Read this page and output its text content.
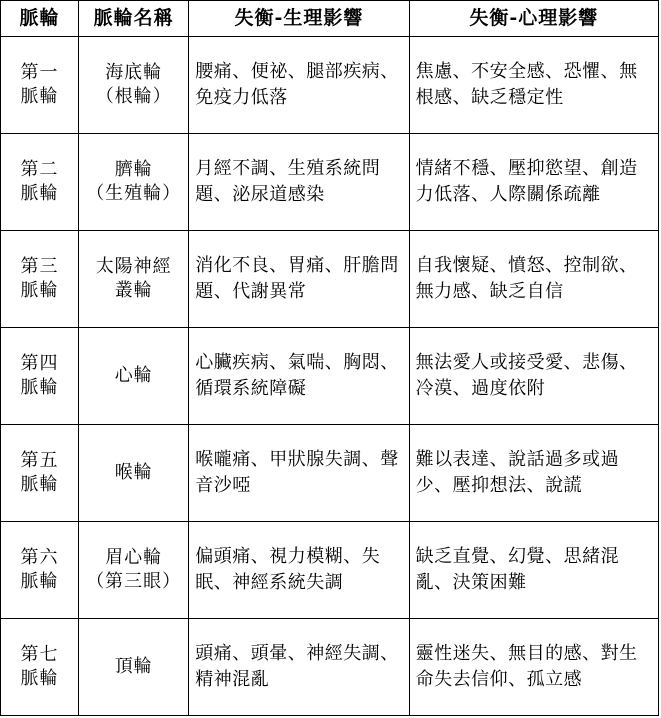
脈輪	脈輪名稱	失衡-生理影響	失衡-心理影響

第一
脈輪	海底輪
（根輪）	腰痛、便祕、腿部疾病、免疫力低落	焦慮、不安全感、恐懼、無根感、缺乏穩定性

第二
脈輪	臍輪
（生殖輪）	月經不調、生殖系統問題、泌尿道感染	情緒不穩、壓抑慾望、創造力低落、人際關係疏離

第三
脈輪	太陽神經
叢輪	消化不良、胃痛、肝膽問題、代謝異常	自我懷疑、憤怒、控制欲、無力感、缺乏自信

第四
脈輪	心輪	心臟疾病、氣喘、胸悶、循環系統障礙	無法愛人或接受愛、悲傷、冷漠、過度依附

第五
脈輪	喉輪	喉嚨痛、甲狀腺失調、聲音沙啞	難以表達、說話過多或過少、壓抑想法、說謊

第六
脈輪	眉心輪
（第三眼）	偏頭痛、視力模糊、失眠、神經系統失調	缺乏直覺、幻覺、思緒混亂、決策困難

第七
脈輪	頂輪	頭痛、頭暈、神經失調、精神混亂	靈性迷失、無目的感、對生命失去信仰、孤立感
